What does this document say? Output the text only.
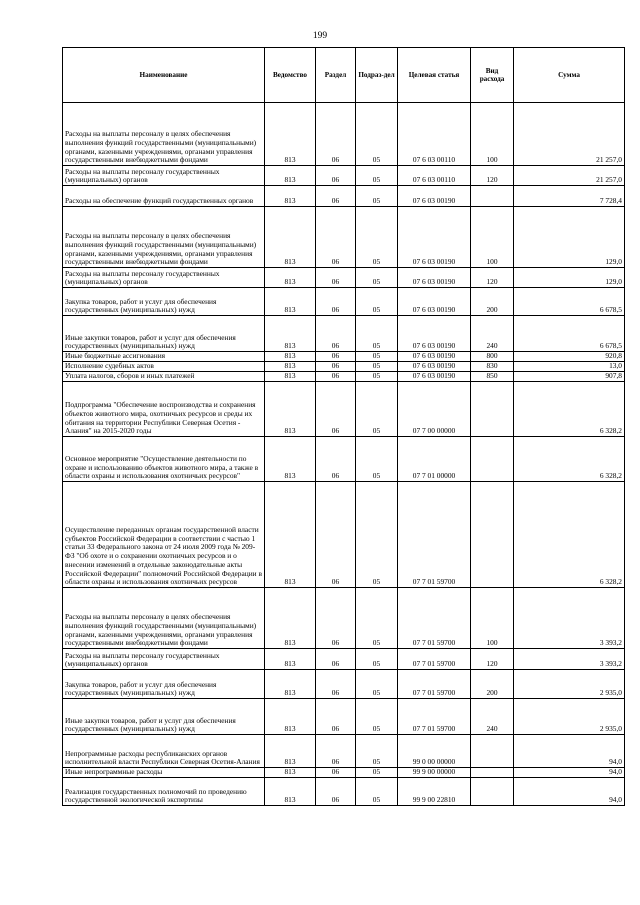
199
Наименование	Ведомство	Раздел	Подраз-дел	Целевая статья	Вид расхода	Сумма
Расходы на выплаты персоналу в целях обеспечения выполнения функций государственными (муниципальными) органами, казенными учреждениями, органами управления государственными внебюджетными фондами	813	06	05	07 6 03 00110	100	21 257,0
Расходы на выплаты персоналу государственных (муниципальных) органов	813	06	05	07 6 03 00110	120	21 257,0
Расходы на обеспечение функций государственных органов	813	06	05	07 6 03 00190		7 728,4
Расходы на выплаты персоналу в целях обеспечения выполнения функций государственными (муниципальными) органами, казенными учреждениями, органами управления государственными внебюджетными фондами	813	06	05	07 6 03 00190	100	129,0
Расходы на выплаты персоналу государственных (муниципальных) органов	813	06	05	07 6 03 00190	120	129,0
Закупка товаров, работ и услуг для обеспечения государственных (муниципальных) нужд	813	06	05	07 6 03 00190	200	6 678,5
Иные закупки товаров, работ и услуг для обеспечения государственных (муниципальных) нужд	813	06	05	07 6 03 00190	240	6 678,5
Иные бюджетные ассигнования	813	06	05	07 6 03 00190	800	920,8
Исполнение судебных актов	813	06	05	07 6 03 00190	830	13,0
Уплата налогов, сборов и иных платежей	813	06	05	07 6 03 00190	850	907,8
Подпрограмма "Обеспечение воспроизводства и сохранения объектов животного мира, охотничьих ресурсов и среды их обитания на территории Республики Северная Осетия - Алания" на 2015-2020 годы	813	06	05	07 7 00 00000		6 328,2
Основное мероприятие "Осуществление деятельности по охране и использованию объектов животного мира, а также в области охраны и использования охотничьих ресурсов"	813	06	05	07 7 01 00000		6 328,2
Осуществление переданных органам государственной власти субъектов Российской Федерации в соответствии с частью 1 статьи 33 Федерального закона от 24 июля 2009 года № 209-ФЗ "Об охоте и о сохранении охотничьих ресурсов и о внесении изменений в отдельные законодательные акты Российской Федерации" полномочий Российской Федерации в области охраны и использования охотничьих ресурсов	813	06	05	07 7 01 59700		6 328,2
Расходы на выплаты персоналу в целях обеспечения выполнения функций государственными (муниципальными) органами, казенными учреждениями, органами управления государственными внебюджетными фондами	813	06	05	07 7 01 59700	100	3 393,2
Расходы на выплаты персоналу государственных (муниципальных) органов	813	06	05	07 7 01 59700	120	3 393,2
Закупка товаров, работ и услуг для обеспечения государственных (муниципальных) нужд	813	06	05	07 7 01 59700	200	2 935,0
Иные закупки товаров, работ и услуг для обеспечения государственных (муниципальных) нужд	813	06	05	07 7 01 59700	240	2 935,0
Непрограммные расходы республиканских органов исполнительной власти Республики Северная Осетия-Алания	813	06	05	99 0 00 00000		94,0
Иные непрограммные расходы	813	06	05	99 9 00 00000		94,0
Реализация государственных полномочий по проведению государственной экологической экспертизы	813	06	05	99 9 00 22810		94,0
